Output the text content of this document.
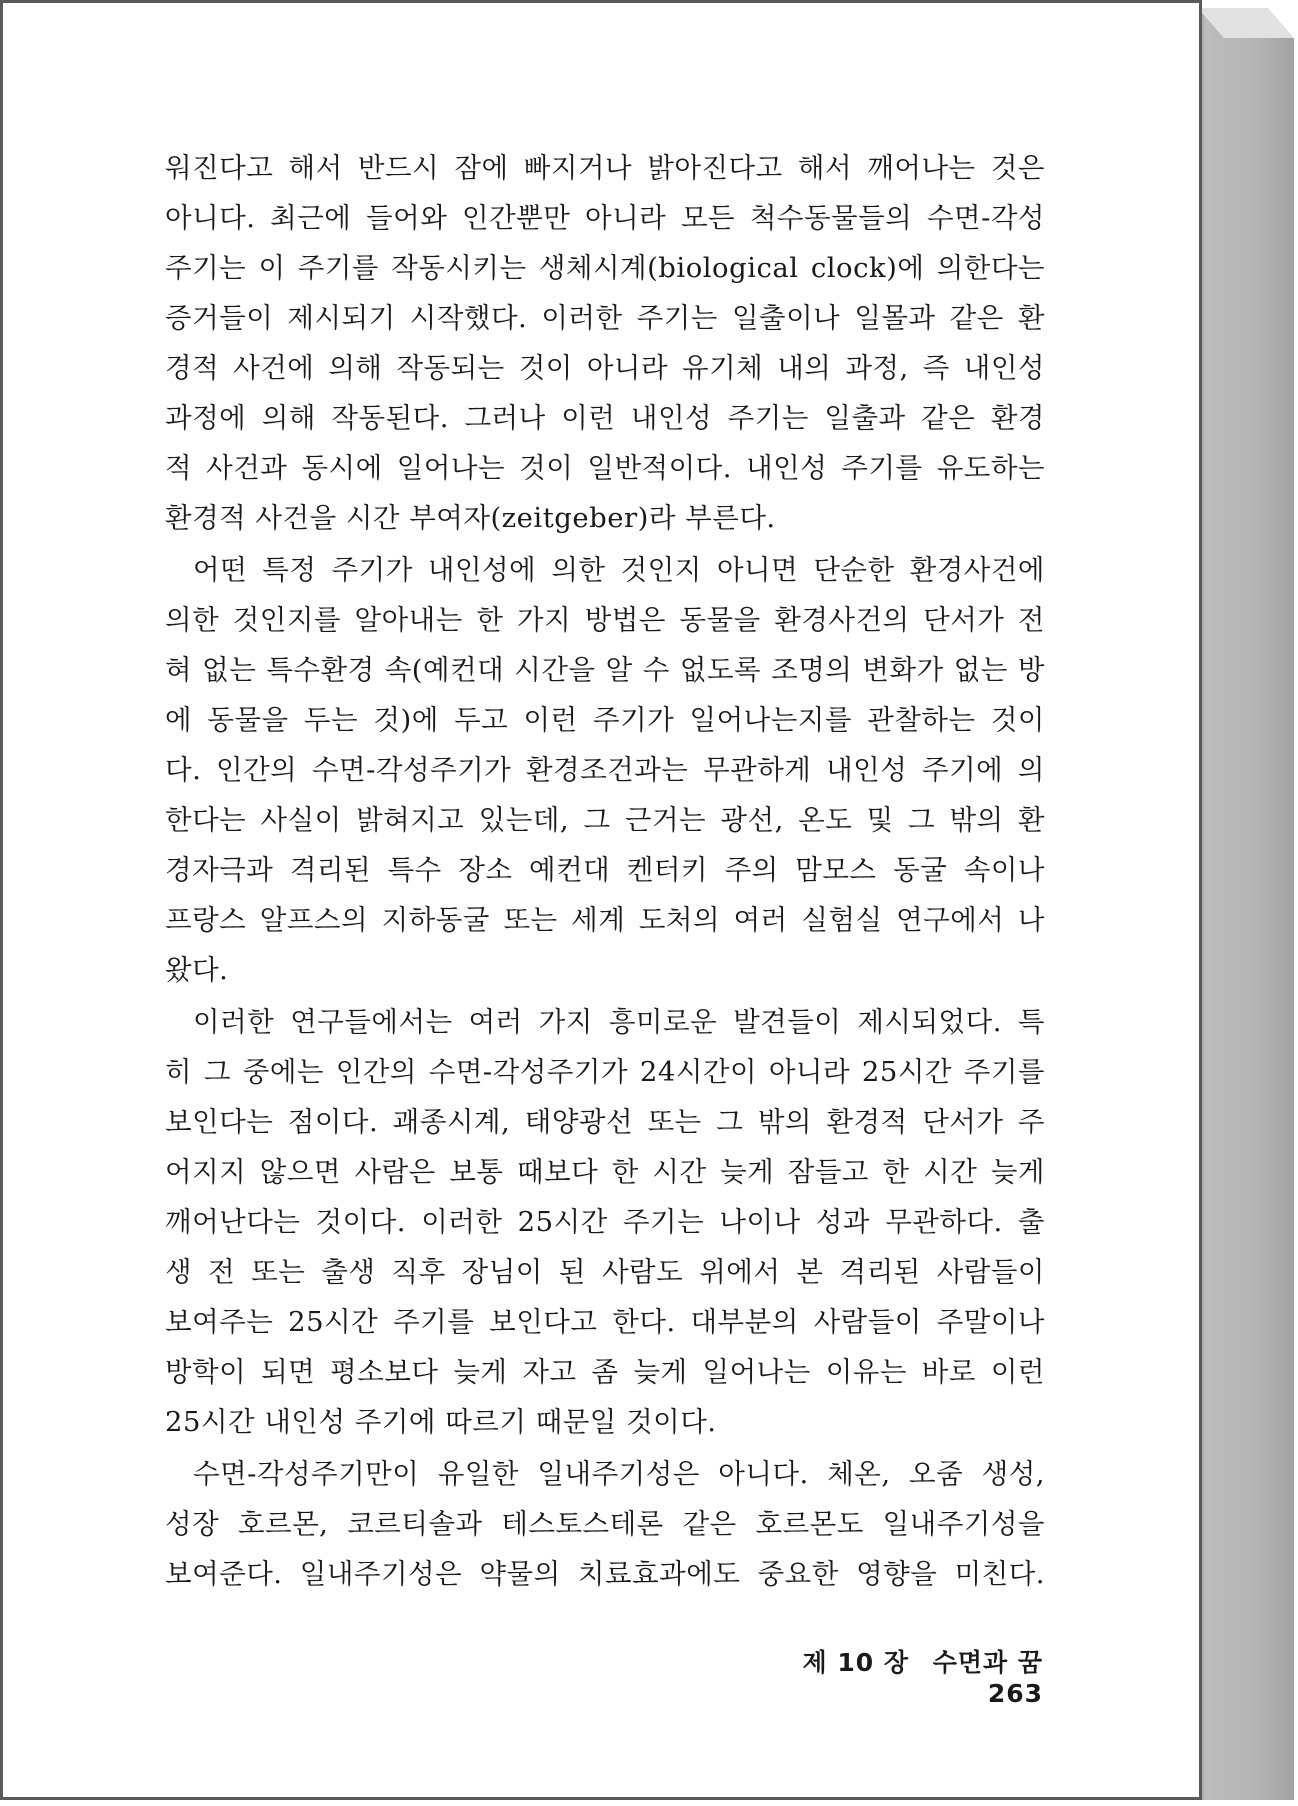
워진다고 해서 반드시 잠에 빠지거나 밝아진다고 해서 깨어나는 것은
아니다. 최근에 들어와 인간뿐만 아니라 모든 척수동물들의 수면-각성
주기는 이 주기를 작동시키는 생체시계(biological clock)에 의한다는
증거들이 제시되기 시작했다. 이러한 주기는 일출이나 일몰과 같은 환
경적 사건에 의해 작동되는 것이 아니라 유기체 내의 과정, 즉 내인성
과정에 의해 작동된다. 그러나 이런 내인성 주기는 일출과 같은 환경
적 사건과 동시에 일어나는 것이 일반적이다. 내인성 주기를 유도하는
환경적 사건을 시간 부여자(zeitgeber)라 부른다.
어떤 특정 주기가 내인성에 의한 것인지 아니면 단순한 환경사건에
의한 것인지를 알아내는 한 가지 방법은 동물을 환경사건의 단서가 전
혀 없는 특수환경 속(예컨대 시간을 알 수 없도록 조명의 변화가 없는 방
에 동물을 두는 것)에 두고 이런 주기가 일어나는지를 관찰하는 것이
다. 인간의 수면-각성주기가 환경조건과는 무관하게 내인성 주기에 의
한다는 사실이 밝혀지고 있는데, 그 근거는 광선, 온도 및 그 밖의 환
경자극과 격리된 특수 장소 예컨대 켄터키 주의 맘모스 동굴 속이나
프랑스 알프스의 지하동굴 또는 세계 도처의 여러 실험실 연구에서 나
왔다.
이러한 연구들에서는 여러 가지 흥미로운 발견들이 제시되었다. 특
히 그 중에는 인간의 수면-각성주기가 24시간이 아니라 25시간 주기를
보인다는 점이다. 괘종시계, 태양광선 또는 그 밖의 환경적 단서가 주
어지지 않으면 사람은 보통 때보다 한 시간 늦게 잠들고 한 시간 늦게
깨어난다는 것이다. 이러한 25시간 주기는 나이나 성과 무관하다. 출
생 전 또는 출생 직후 장님이 된 사람도 위에서 본 격리된 사람들이
보여주는 25시간 주기를 보인다고 한다. 대부분의 사람들이 주말이나
방학이 되면 평소보다 늦게 자고 좀 늦게 일어나는 이유는 바로 이런
25시간 내인성 주기에 따르기 때문일 것이다.
수면-각성주기만이 유일한 일내주기성은 아니다. 체온, 오줌 생성,
성장 호르몬, 코르티솔과 테스토스테론 같은 호르몬도 일내주기성을
보여준다. 일내주기성은 약물의 치료효과에도 중요한 영향을 미친다.
제 10 장 수면과 꿈 263
